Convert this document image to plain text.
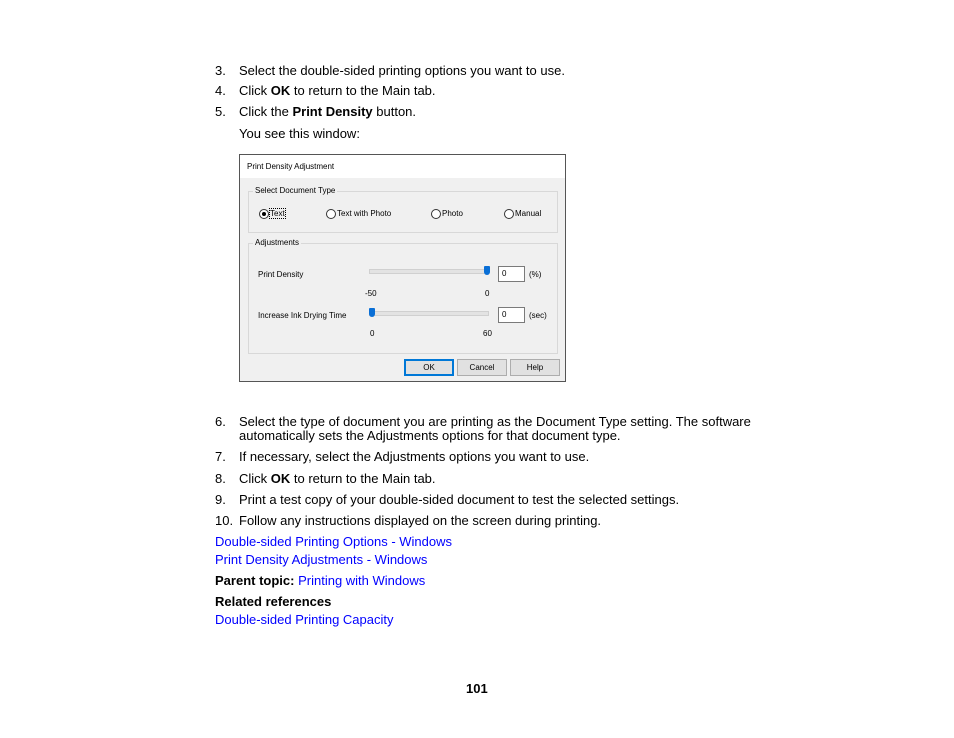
3. Select the double-sided printing options you want to use.
4. Click OK to return to the Main tab.
5. Click the Print Density button.
You see this window:
Print Density Adjustment
Select Document Type
Text	Text with Photo	Photo	Manual
Adjustments
Print Density
-50	0
0	(%)
Increase Ink Drying Time
0	60
0	(sec)
OK	Cancel	Help
6. Select the type of document you are printing as the Document Type setting. The software
automatically sets the Adjustments options for that document type.
7. If necessary, select the Adjustments options you want to use.
8. Click OK to return to the Main tab.
9. Print a test copy of your double-sided document to test the selected settings.
10. Follow any instructions displayed on the screen during printing.
Double-sided Printing Options - Windows
Print Density Adjustments - Windows
Parent topic: Printing with Windows
Related references
Double-sided Printing Capacity
101
